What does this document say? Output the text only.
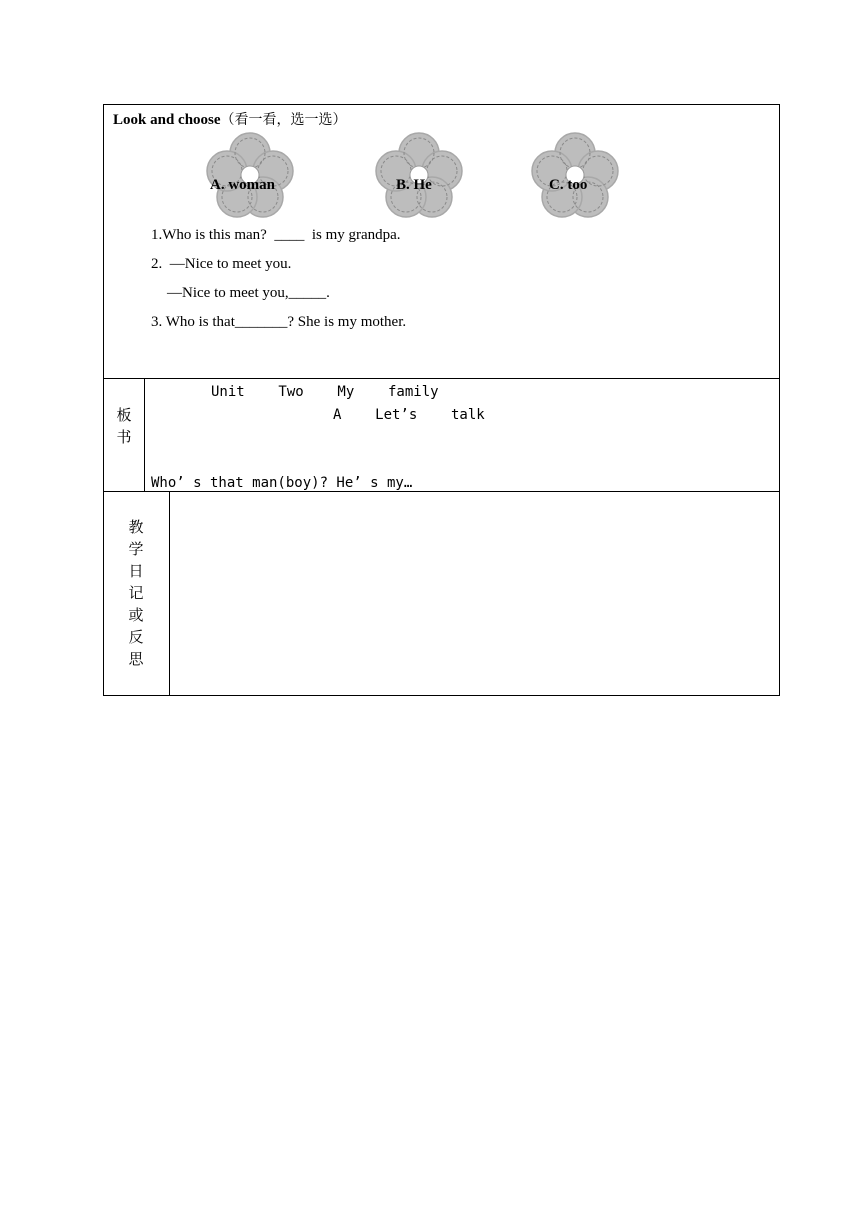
Look and choose（看一看，选一选）
A. woman	B. He	C. too
1.Who is this man?  ____  is my grandpa.
2.  —Nice to meet you.
—Nice to meet you,_____.
3. Who is that_______? She is my mother.
板书
Unit    Two    My    family
A    Let’s    talk
Who’ s that man(boy)? He’ s my…
教学日记或反思
